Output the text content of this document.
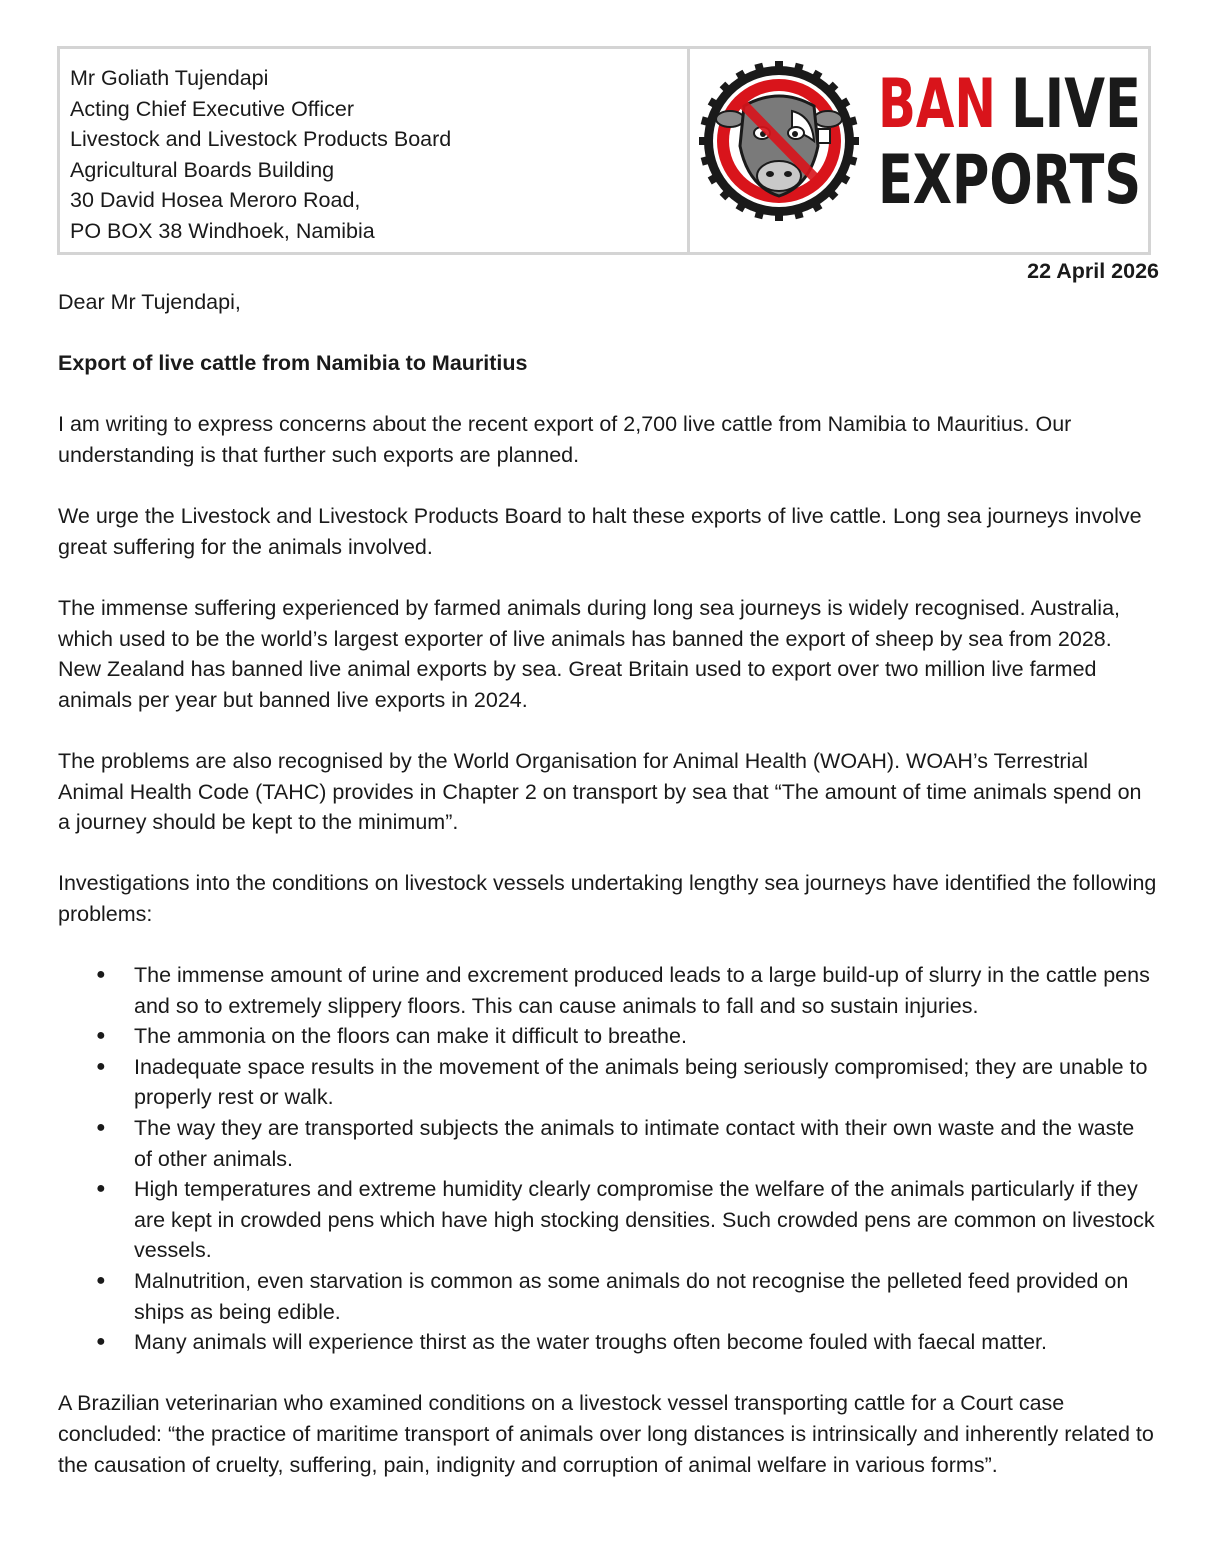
Mr Goliath Tujendapi
Acting Chief Executive Officer
Livestock and Livestock Products Board
Agricultural Boards Building
30 David Hosea Meroro Road,
PO BOX 38 Windhoek, Namibia
BAN LIVE
EXPORTS
22 April 2026

Dear Mr Tujendapi,

Export of live cattle from Namibia to Mauritius

I am writing to express concerns about the recent export of 2,700 live cattle from Namibia to Mauritius. Our understanding is that further such exports are planned.

We urge the Livestock and Livestock Products Board to halt these exports of live cattle. Long sea journeys involve great suffering for the animals involved.

The immense suffering experienced by farmed animals during long sea journeys is widely recognised. Australia, which used to be the world’s largest exporter of live animals has banned the export of sheep by sea from 2028. New Zealand has banned live animal exports by sea. Great Britain used to export over two million live farmed animals per year but banned live exports in 2024.

The problems are also recognised by the World Organisation for Animal Health (WOAH). WOAH’s Terrestrial Animal Health Code (TAHC) provides in Chapter 2 on transport by sea that “The amount of time animals spend on a journey should be kept to the minimum”.

Investigations into the conditions on livestock vessels undertaking lengthy sea journeys have identified the following problems:

● The immense amount of urine and excrement produced leads to a large build-up of slurry in the cattle pens and so to extremely slippery floors. This can cause animals to fall and so sustain injuries.
● The ammonia on the floors can make it difficult to breathe.
● Inadequate space results in the movement of the animals being seriously compromised; they are unable to properly rest or walk.
● The way they are transported subjects the animals to intimate contact with their own waste and the waste of other animals.
● High temperatures and extreme humidity clearly compromise the welfare of the animals particularly if they are kept in crowded pens which have high stocking densities. Such crowded pens are common on livestock vessels.
● Malnutrition, even starvation is common as some animals do not recognise the pelleted feed provided on ships as being edible.
● Many animals will experience thirst as the water troughs often become fouled with faecal matter.

A Brazilian veterinarian who examined conditions on a livestock vessel transporting cattle for a Court case concluded: “the practice of maritime transport of animals over long distances is intrinsically and inherently related to the causation of cruelty, suffering, pain, indignity and corruption of animal welfare in various forms”.
